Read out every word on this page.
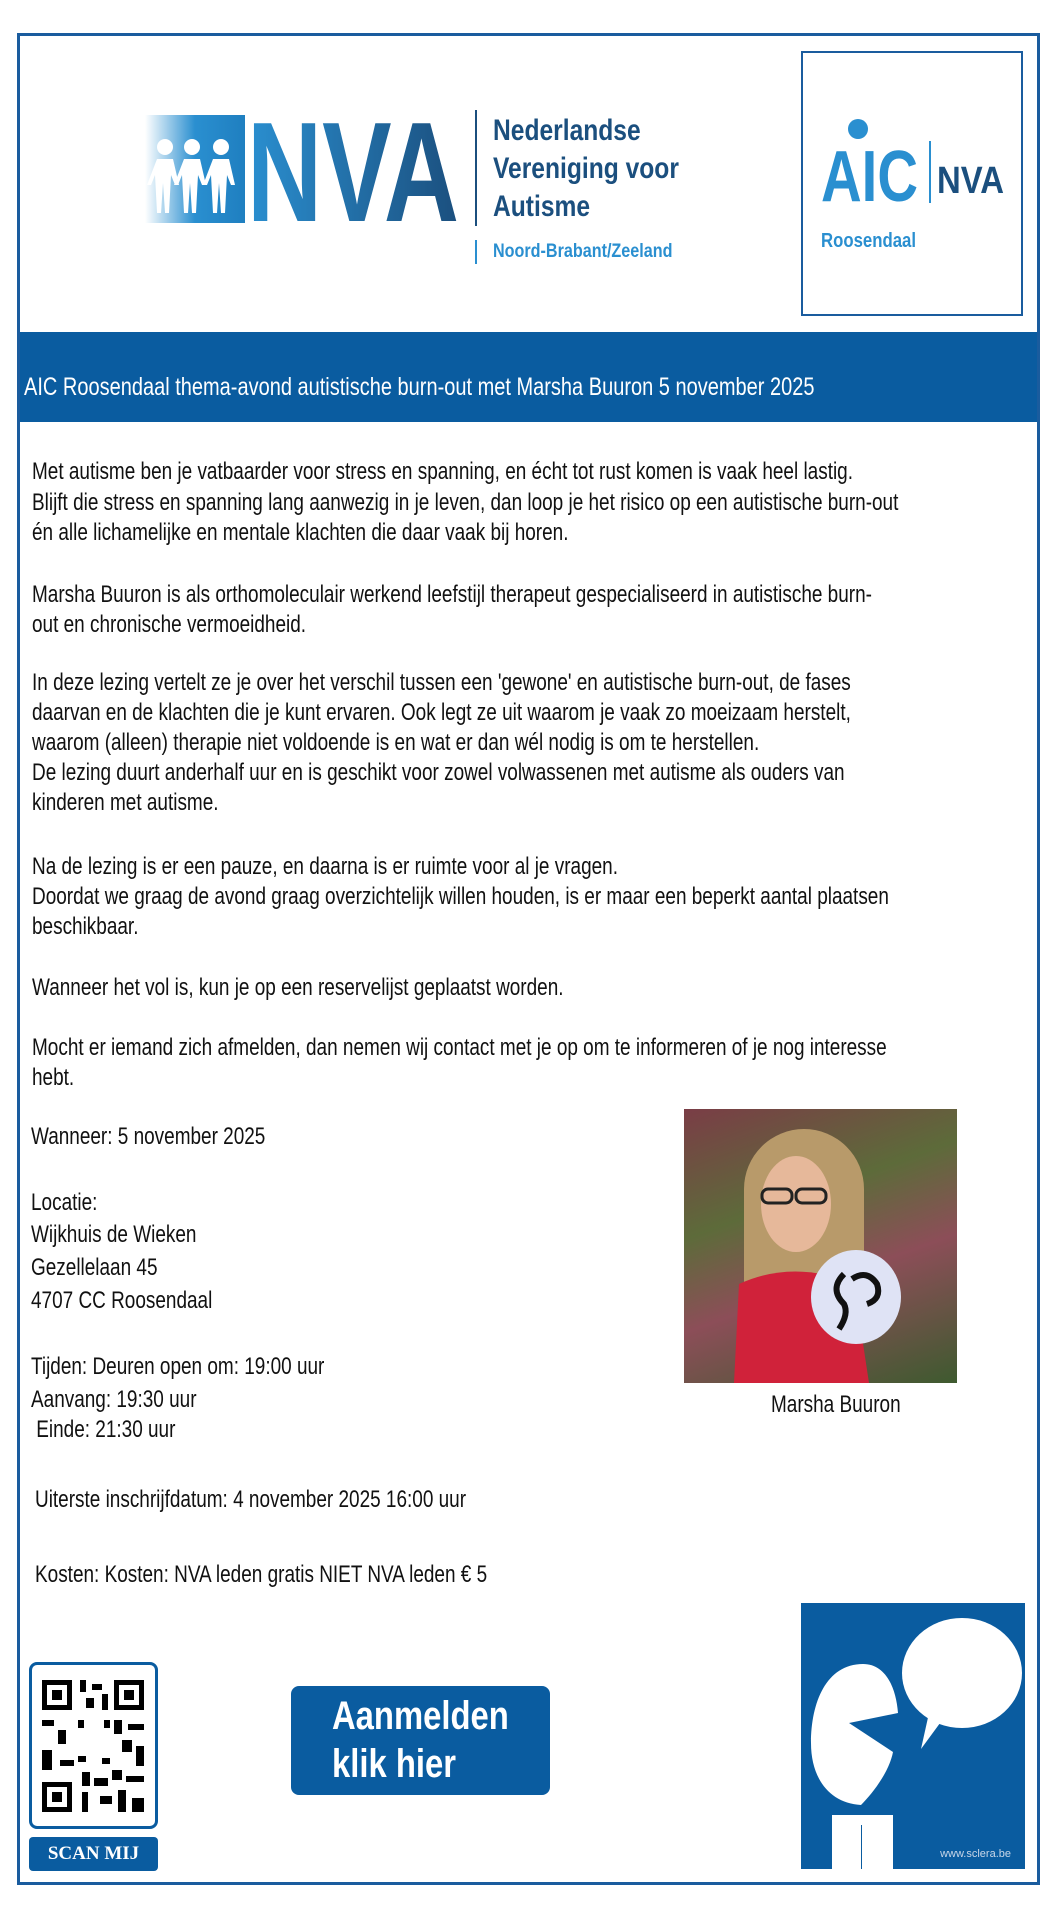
NVA Nederlandse
Vereniging voor
Autisme
Noord-Brabant/Zeeland
AIC NVA
Roosendaal
AIC Roosendaal thema-avond autistische burn-out met Marsha Buuron 5 november 2025
Met autisme ben je vatbaarder voor stress en spanning, en écht tot rust komen is vaak heel lastig.
Blijft die stress en spanning lang aanwezig in je leven, dan loop je het risico op een autistische burn-out
én alle lichamelijke en mentale klachten die daar vaak bij horen.
Marsha Buuron is als orthomoleculair werkend leefstijl therapeut gespecialiseerd in autistische burn-
out en chronische vermoeidheid.
In deze lezing vertelt ze je over het verschil tussen een 'gewone' en autistische burn-out, de fases
daarvan en de klachten die je kunt ervaren. Ook legt ze uit waarom je vaak zo moeizaam herstelt,
waarom (alleen) therapie niet voldoende is en wat er dan wél nodig is om te herstellen.
De lezing duurt anderhalf uur en is geschikt voor zowel volwassenen met autisme als ouders van
kinderen met autisme.
Na de lezing is er een pauze, en daarna is er ruimte voor al je vragen.
Doordat we graag de avond graag overzichtelijk willen houden, is er maar een beperkt aantal plaatsen
beschikbaar.
Wanneer het vol is, kun je op een reservelijst geplaatst worden.
Mocht er iemand zich afmelden, dan nemen wij contact met je op om te informeren of je nog interesse
hebt.
Wanneer: 5 november 2025
Locatie:
Wijkhuis de Wieken
Gezellelaan 45
4707 CC Roosendaal
Tijden: Deuren open om: 19:00 uur
Aanvang: 19:30 uur
Einde: 21:30 uur
Uiterste inschrijfdatum: 4 november 2025 16:00 uur
Kosten: Kosten: NVA leden gratis NIET NVA leden € 5
Marsha Buuron
SCAN MIJ
Aanmelden
klik hier
www.sclera.be
